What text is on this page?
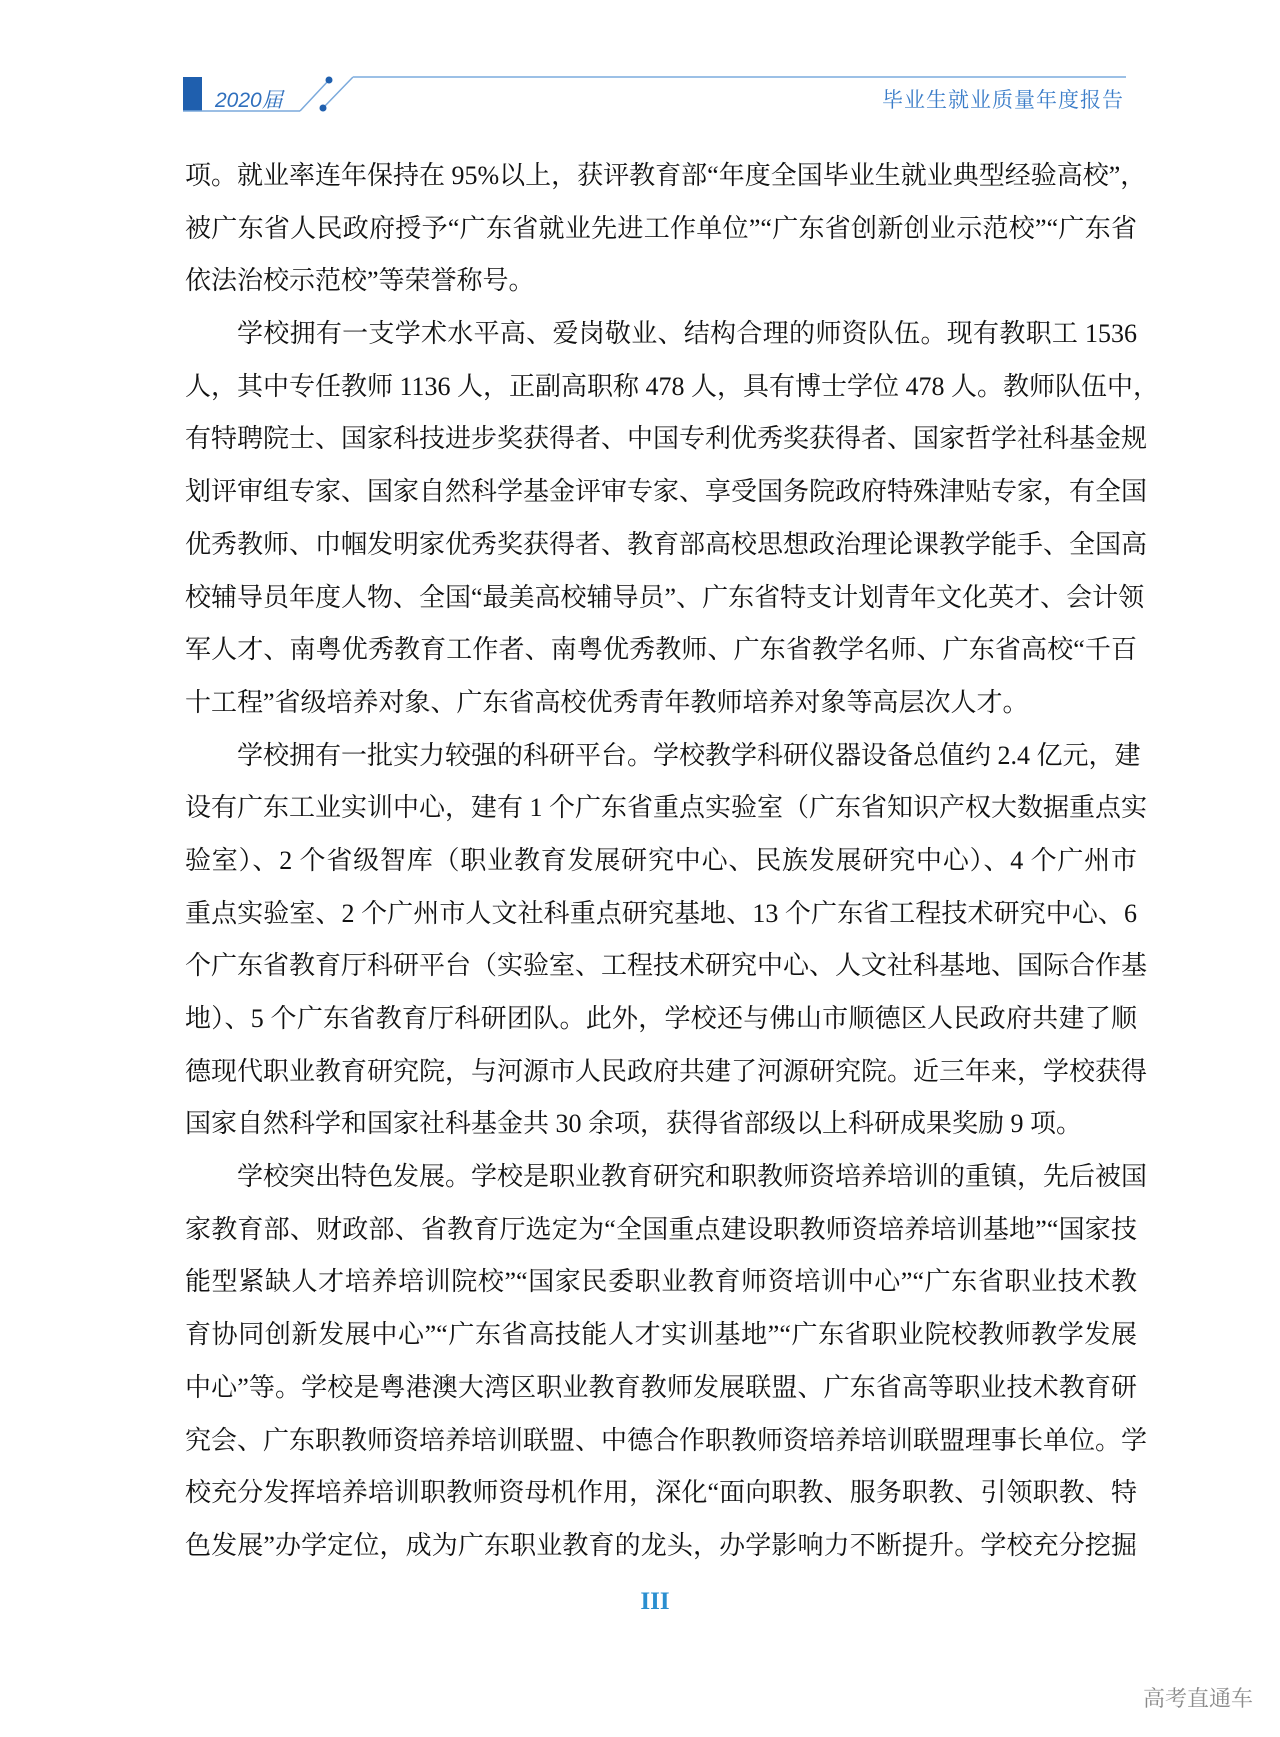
2020届	毕业生就业质量年度报告
项。就业率连年保持在 95%以上，获评教育部“年度全国毕业生就业典型经验高校”，
被广东省人民政府授予“广东省就业先进工作单位”“广东省创新创业示范校”“广东省
依法治校示范校”等荣誉称号。
学校拥有一支学术水平高、爱岗敬业、结构合理的师资队伍。现有教职工 1536
人，其中专任教师 1136 人，正副高职称 478 人，具有博士学位 478 人。教师队伍中，
有特聘院士、国家科技进步奖获得者、中国专利优秀奖获得者、国家哲学社科基金规
划评审组专家、国家自然科学基金评审专家、享受国务院政府特殊津贴专家，有全国
优秀教师、巾帼发明家优秀奖获得者、教育部高校思想政治理论课教学能手、全国高
校辅导员年度人物、全国“最美高校辅导员”、广东省特支计划青年文化英才、会计领
军人才、南粤优秀教育工作者、南粤优秀教师、广东省教学名师、广东省高校“千百
十工程”省级培养对象、广东省高校优秀青年教师培养对象等高层次人才。
学校拥有一批实力较强的科研平台。学校教学科研仪器设备总值约 2.4 亿元，建
设有广东工业实训中心，建有 1 个广东省重点实验室（广东省知识产权大数据重点实
验室）、2 个省级智库（职业教育发展研究中心、民族发展研究中心）、4 个广州市
重点实验室、2 个广州市人文社科重点研究基地、13 个广东省工程技术研究中心、6
个广东省教育厅科研平台（实验室、工程技术研究中心、人文社科基地、国际合作基
地）、5 个广东省教育厅科研团队。此外，学校还与佛山市顺德区人民政府共建了顺
德现代职业教育研究院，与河源市人民政府共建了河源研究院。近三年来，学校获得
国家自然科学和国家社科基金共 30 余项，获得省部级以上科研成果奖励 9 项。
学校突出特色发展。学校是职业教育研究和职教师资培养培训的重镇，先后被国
家教育部、财政部、省教育厅选定为“全国重点建设职教师资培养培训基地”“国家技
能型紧缺人才培养培训院校”“国家民委职业教育师资培训中心”“广东省职业技术教
育协同创新发展中心”“广东省高技能人才实训基地”“广东省职业院校教师教学发展
中心”等。学校是粤港澳大湾区职业教育教师发展联盟、广东省高等职业技术教育研
究会、广东职教师资培养培训联盟、中德合作职教师资培养培训联盟理事长单位。学
校充分发挥培养培训职教师资母机作用，深化“面向职教、服务职教、引领职教、特
色发展”办学定位，成为广东职业教育的龙头，办学影响力不断提升。学校充分挖掘
III
高考直通车
